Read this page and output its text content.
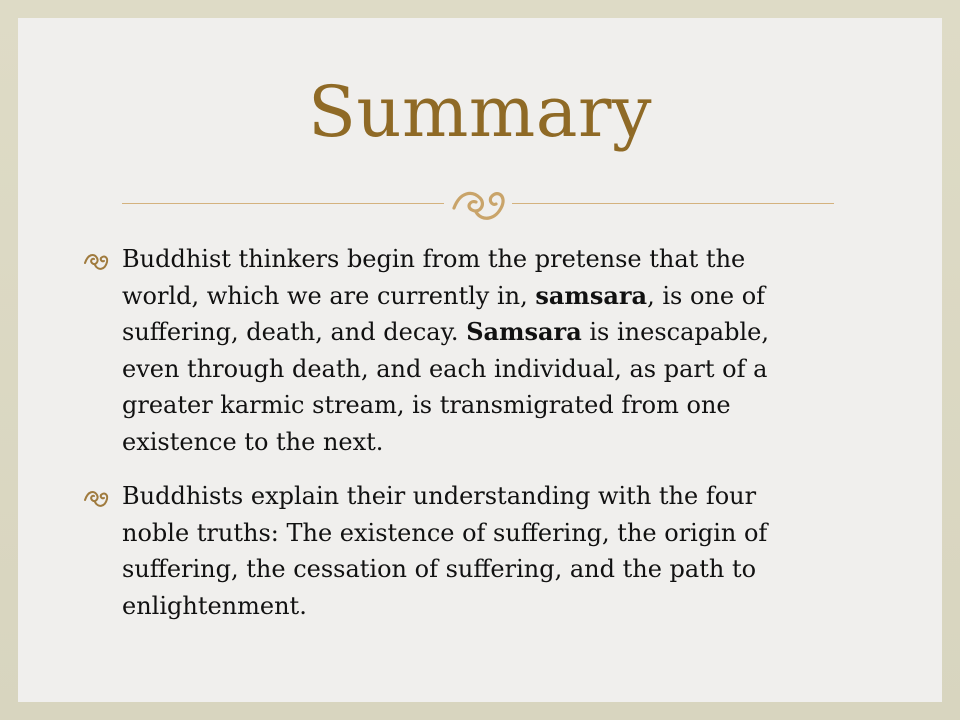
Summary
Buddhist thinkers begin from the pretense that the
world, which we are currently in, samsara, is one of
suffering, death, and decay. Samsara is inescapable,
even through death, and each individual, as part of a
greater karmic stream, is transmigrated from one
existence to the next.
Buddhists explain their understanding with the four
noble truths: The existence of suffering, the origin of
suffering, the cessation of suffering, and the path to
enlightenment.
